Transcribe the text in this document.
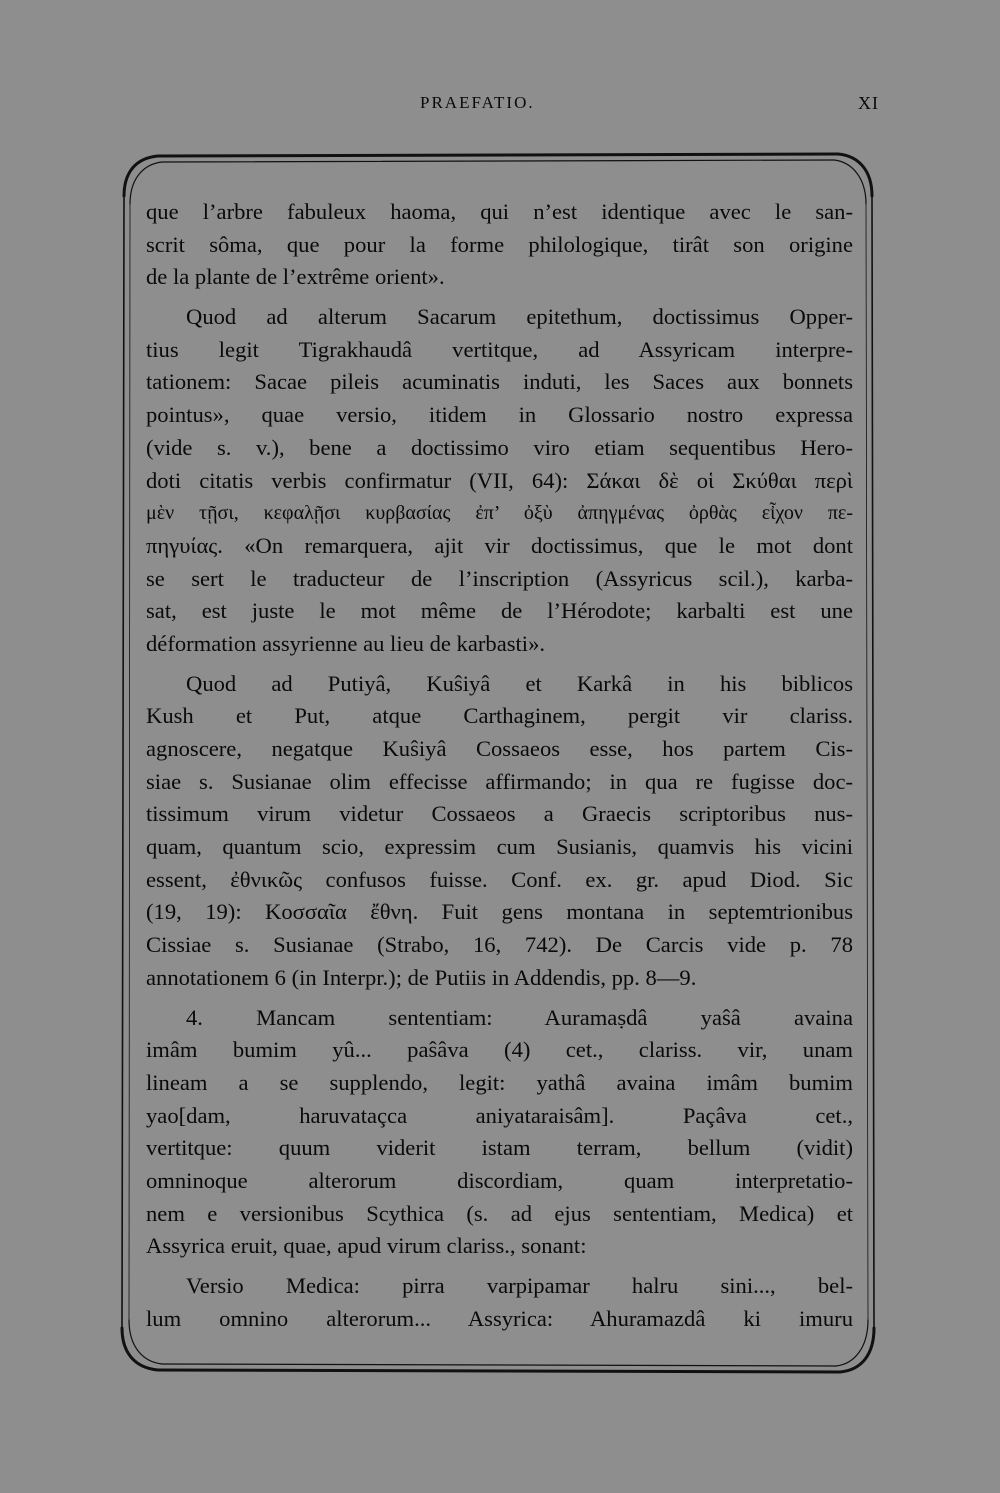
PRAEFATIO.	XI
que l’arbre fabuleux haoma, qui n’est identique avec le san-
scrit sôma, que pour la forme philologique, tirât son origine
de la plante de l’extrême orient».
Quod ad alterum Sacarum epitethum, doctissimus Opper-
tius legit Tigrakhaudâ vertitque, ad Assyricam interpre-
tationem: Sacae pileis acuminatis induti, les Saces aux bonnets
pointus», quae versio, itidem in Glossario nostro expressa
(vide s. v.), bene a doctissimo viro etiam sequentibus Hero-
doti citatis verbis confirmatur (VII, 64): Σάκαι δὲ οἱ Σκύθαι περὶ
μὲν τῇσι, κεφαλῇσι κυρβασίας ἐπ’ ὀξὺ ἀπηγμένας ὀρθὰς εἶχον πε-
πηγυίας. «On remarquera, ajit vir doctissimus, que le mot dont
se sert le traducteur de l’inscription (Assyricus scil.), karba-
sat, est juste le mot même de l’Hérodote; karbalti est une
déformation assyrienne au lieu de karbasti».
Quod ad Putiyâ, Kuŝiyâ et Karkâ in his biblicos
Kush et Put, atque Carthaginem, pergit vir clariss.
agnoscere, negatque Kuŝiyâ Cossaeos esse, hos partem Cis-
siae s. Susianae olim effecisse affirmando; in qua re fugisse doc-
tissimum virum videtur Cossaeos a Graecis scriptoribus nus-
quam, quantum scio, expressim cum Susianis, quamvis his vicini
essent, ἐθνικῶς confusos fuisse. Conf. ex. gr. apud Diod. Sic
(19, 19): Κοσσαῖα ἔθνη. Fuit gens montana in septemtrionibus
Cissiae s. Susianae (Strabo, 16, 742). De Carcis vide p. 78
annotationem 6 (in Interpr.); de Putiis in Addendis, pp. 8—9.
4. Mancam sententiam: Auramaṣdâ yaŝâ avaina
imâm bumim yû... paŝâva (4) cet., clariss. vir, unam
lineam a se supplendo, legit: yathâ avaina imâm bumim
yao[dam, haruvataçca aniyataraisâm]. Paçâva cet.,
vertitque: quum viderit istam terram, bellum (vidit)
omninoque alterorum discordiam, quam interpretatio-
nem e versionibus Scythica (s. ad ejus sententiam, Medica) et
Assyrica eruit, quae, apud virum clariss., sonant:
Versio Medica: pirra varpipamar halru sini..., bel-
lum omnino alterorum... Assyrica: Ahuramazdâ ki imuru
